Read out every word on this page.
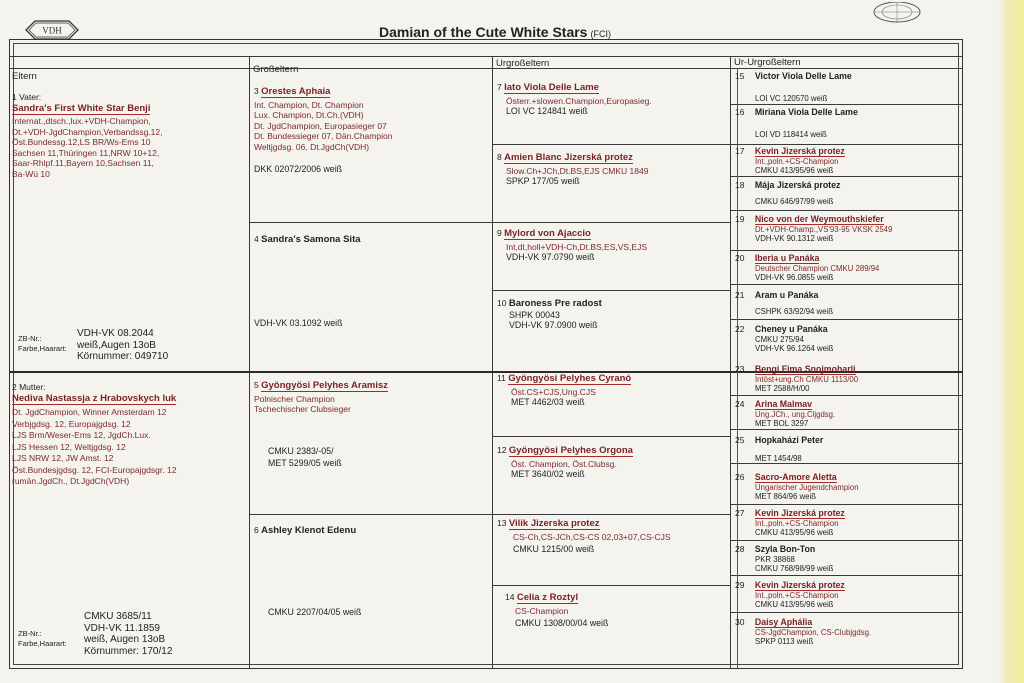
VDH	Damian of the Cute White Stars (FCI)
Eltern
Großeltern
Urgroßeltern	Ur-Urgroßeltern
1 Vater:
Sandra's First White Star Benji
Internat.,dtsch.,lux.+VDH-Champion,
Dt.+VDH-JgdChampion,Verbandssg.12,
Öst.Bundessg.12,LS BR/Ws-Ems 10
Sachsen 11,Thüringen 11,NRW 10+12,
Saar-Rhlpf.11,Bayern 10,Sachsen 11,
Ba-Wü 10
ZB-Nr.:
Farbe,Haarart:
VDH-VK 08.2044
weiß,Augen 13oB
Körnummer: 049710
2 Mutter:
Nediva Nastassja z Hrabovskych luk
Dt. JgdChampion, Winner Amsterdam 12
Verbjgdsg. 12, Europajgdsg. 12
LJS Brm/Weser-Ems 12, JgdCh.Lux.
LJS Hessen 12, Weltjgdsg. 12
LJS NRW 12, JW Amst. 12
Öst.Bundesjgdsg. 12, FCI-Europajgdsgr. 12
rumän.JgdCh., Dt.JgdCh(VDH)
ZB-Nr.:
Farbe,Haarart:
CMKU 3685/11
VDH-VK 11.1859
weiß, Augen 13oB
Körnummer: 170/12
3 Orestes Aphaia
Int. Champion, Dt. Champion
Lux. Champion, Dt.Ch.(VDH)
Dt. JgdChampion, Europasieger 07
Dt. Bundessieger 07, Dän.Champion
Weltjgdsg. 06, Dt.JgdCh(VDH)
DKK 02072/2006 weiß
4 Sandra's Samona Sita
VDH-VK 03.1092 weiß
5 Gyöngyösi Pelyhes Aramisz
Polnischer Champion
Tschechischer Clubsieger
CMKU 2383/-05/
MET 5299/05 weiß
6 Ashley Klenot Edenu
CMKU 2207/04/05 weiß
7 Iato Viola Delle Lame
Österr.+slowen.Champion,Europasieg.
LOI VC 124841 weiß
8 Amien Blanc Jizerská protez
Slow.Ch+JCh,Dt.BS,EJS CMKU 1849
SPKP 177/05 weiß
9 Mylord von Ajaccio
Int,dt,holl+VDH-Ch,Dt.BS,ES,VS,EJS
VDH-VK 97.0790 weiß
10 Baroness Pre radost
SHPK 00043
VDH-VK 97.0900 weiß
11 Gyöngyösi Pelyhes Cyranó
Öst.CS+CJS,Ung.CJS
MET 4462/03 weiß
12 Gyöngyösi Pelyhes Orgona
Öst. Champion, Öst.Clubsg.
MET 3640/02 weiß
13 Vilik Jizerska protez
CS-Ch,CS-JCh,CS-CS 02,03+07,CS-CJS
CMKU 1215/00 weiß
14 Celia z Roztyl
CS-Champion
CMKU 1308/00/04 weiß
15 Victor Viola Delle Lame
LOI VC 120570 weiß
16 Miriana Viola Delle Lame
LOI VD 118414 weiß
17 Kevin Jizerská protez
Int.,poln.+CS-Champion
CMKU 413/95/96 weiß
18 Mája Jizerská protez
CMKU 646/97/99 weiß
19 Nico von der Weymouthskiefer
Dt.+VDH-Champ.,VS'93-95 VKSK 2549
VDH-VK 90.1312 weiß
20 Iberia u Panáka
Deutscher Champion CMKU 289/94
VDH-VK 96.0855 weiß
21 Aram u Panáka
CSHPK 63/92/94 weiß
22 Cheney u Panáka
CMKU 275/94
VDH-VK 96.1264 weiß
23 Bengi Fima Snojmoharli
Intöst+ung.Ch CMKU 1113/00
MET 2588/H/00
24 Arina Malmav
Ung.JCh., ung.Cljgdsg.
MET BOL 3297
25 Hopkaházi Peter
MET 1454/98
26 Sacro-Amore Aletta
Ungarischer Jugendchampion
MET 864/96 weiß
27 Kevin Jizerská protez
Int.,poln.+CS-Champion
CMKU 413/95/96 weiß
28 Szyla Bon-Ton
PKR 38868
CMKU 768/98/99 weiß
29 Kevin Jizerská protez
Int.,poln.+CS-Champion
CMKU 413/95/96 weiß
30 Daisy Aphália
CS-JgdChampion, CS-Clubjgdsg.
SPKP 0113 weiß
